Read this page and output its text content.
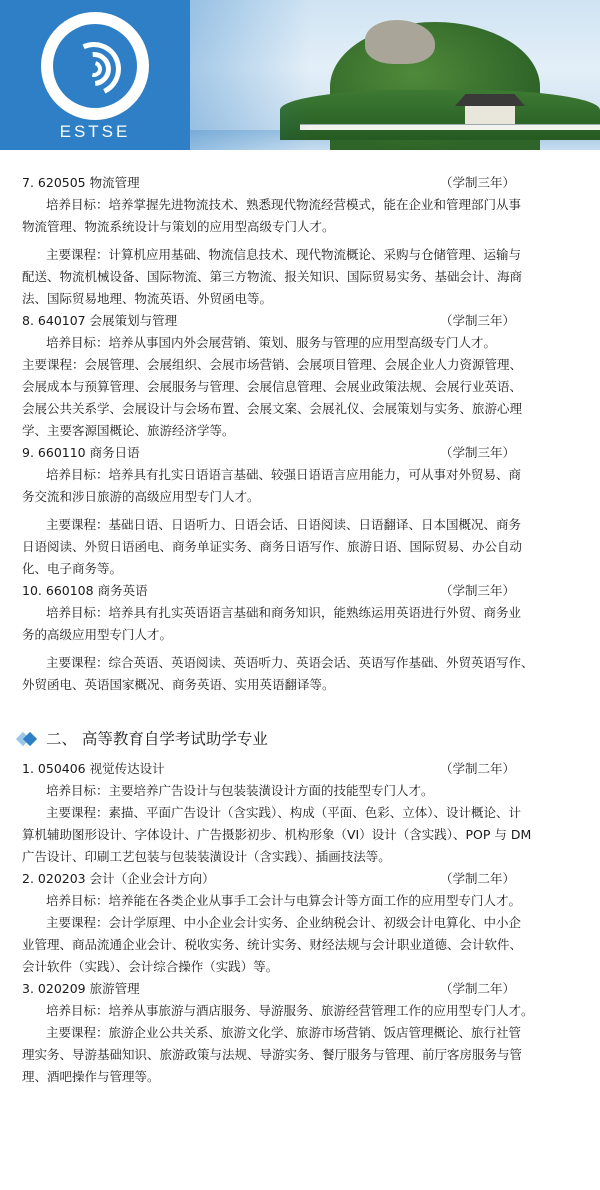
ESTSE
7. 620505 物流管理	（学制三年）
培养目标：培养掌握先进物流技术、熟悉现代物流经营模式，能在企业和管理部门从事
物流管理、物流系统设计与策划的应用型高级专门人才。
主要课程：计算机应用基础、物流信息技术、现代物流概论、采购与仓储管理、运输与
配送、物流机械设备、国际物流、第三方物流、报关知识、国际贸易实务、基础会计、海商
法、国际贸易地理、物流英语、外贸函电等。
8. 640107 会展策划与管理	（学制三年）
培养目标：培养从事国内外会展营销、策划、服务与管理的应用型高级专门人才。
主要课程：会展管理、会展组织、会展市场营销、会展项目管理、会展企业人力资源管理、
会展成本与预算管理、会展服务与管理、会展信息管理、会展业政策法规、会展行业英语、
会展公共关系学、会展设计与会场布置、会展文案、会展礼仪、会展策划与实务、旅游心理
学、主要客源国概论、旅游经济学等。
9. 660110 商务日语	（学制三年）
培养目标：培养具有扎实日语语言基础、较强日语语言应用能力，可从事对外贸易、商
务交流和涉日旅游的高级应用型专门人才。
主要课程：基础日语、日语听力、日语会话、日语阅读、日语翻译、日本国概况、商务
日语阅读、外贸日语函电、商务单证实务、商务日语写作、旅游日语、国际贸易、办公自动
化、电子商务等。
10. 660108 商务英语	（学制三年）
培养目标：培养具有扎实英语语言基础和商务知识，能熟练运用英语进行外贸、商务业
务的高级应用型专门人才。
主要课程：综合英语、英语阅读、英语听力、英语会话、英语写作基础、外贸英语写作、
外贸函电、英语国家概况、商务英语、实用英语翻译等。
二、 高等教育自学考试助学专业
1. 050406 视觉传达设计	（学制二年）
培养目标：主要培养广告设计与包装装潢设计方面的技能型专门人才。
主要课程：素描、平面广告设计（含实践）、构成（平面、色彩、立体）、设计概论、计
算机辅助图形设计、字体设计、广告摄影初步、机构形象（VI）设计（含实践）、POP 与 DM
广告设计、印刷工艺包装与包装装潢设计（含实践）、插画技法等。
2. 020203 会计（企业会计方向）	（学制二年）
培养目标：培养能在各类企业从事手工会计与电算会计等方面工作的应用型专门人才。
主要课程：会计学原理、中小企业会计实务、企业纳税会计、初级会计电算化、中小企
业管理、商品流通企业会计、税收实务、统计实务、财经法规与会计职业道德、会计软件、
会计软件（实践）、会计综合操作（实践）等。
3. 020209 旅游管理	（学制二年）
培养目标：培养从事旅游与酒店服务、导游服务、旅游经营管理工作的应用型专门人才。
主要课程：旅游企业公共关系、旅游文化学、旅游市场营销、饭店管理概论、旅行社管
理实务、导游基础知识、旅游政策与法规、导游实务、餐厅服务与管理、前厅客房服务与管
理、酒吧操作与管理等。
